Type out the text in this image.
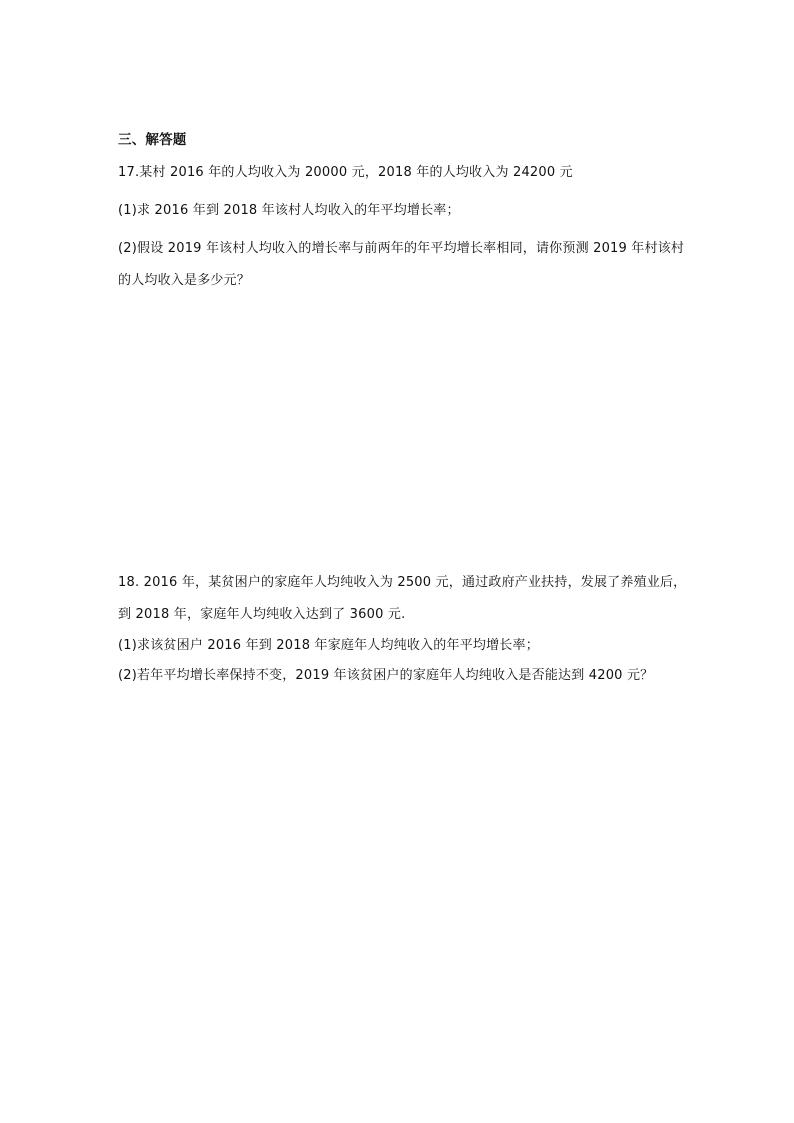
三、解答题
17.某村 2016 年的人均收入为 20000 元，2018 年的人均收入为 24200 元
(1)求 2016 年到 2018 年该村人均收入的年平均增长率；
(2)假设 2019 年该村人均收入的增长率与前两年的年平均增长率相同，请你预测 2019 年村该村
的人均收入是多少元？
18. 2016 年，某贫困户的家庭年人均纯收入为 2500 元，通过政府产业扶持，发展了养殖业后，
到 2018 年，家庭年人均纯收入达到了 3600 元.
(1)求该贫困户 2016 年到 2018 年家庭年人均纯收入的年平均增长率；
(2)若年平均增长率保持不变，2019 年该贫困户的家庭年人均纯收入是否能达到 4200 元？
